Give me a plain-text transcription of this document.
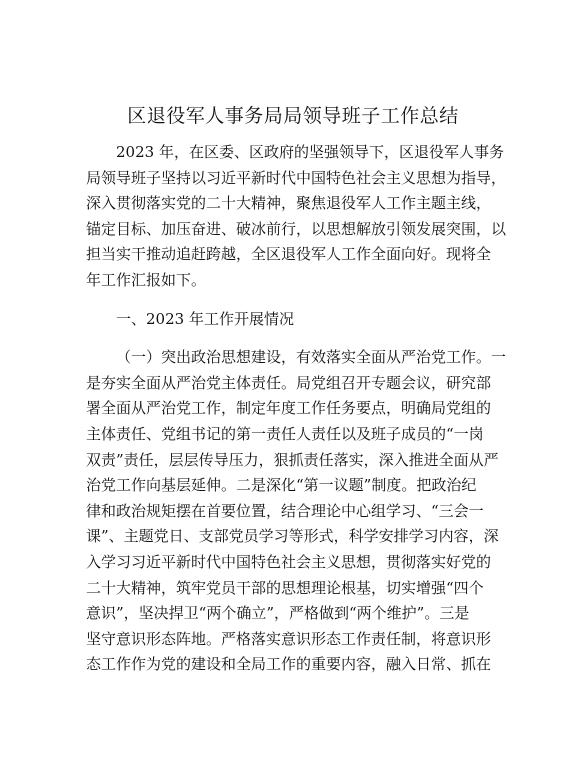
区退役军人事务局局领导班子工作总结
2023 年，在区委、区政府的坚强领导下，区退役军人事务
局领导班子坚持以习近平新时代中国特色社会主义思想为指导，
深入贯彻落实党的二十大精神，聚焦退役军人工作主题主线，
锚定目标、加压奋进、破冰前行，以思想解放引领发展突围，以
担当实干推动追赶跨越，全区退役军人工作全面向好。现将全
年工作汇报如下。
一、2023 年工作开展情况
（一）突出政治思想建设，有效落实全面从严治党工作。一
是夯实全面从严治党主体责任。局党组召开专题会议，研究部
署全面从严治党工作，制定年度工作任务要点，明确局党组的
主体责任、党组书记的第一责任人责任以及班子成员的“一岗
双责”责任，层层传导压力，狠抓责任落实，深入推进全面从严
治党工作向基层延伸。二是深化“第一议题”制度。把政治纪
律和政治规矩摆在首要位置，结合理论中心组学习、“三会一
课”、主题党日、支部党员学习等形式，科学安排学习内容，深
入学习习近平新时代中国特色社会主义思想，贯彻落实好党的
二十大精神，筑牢党员干部的思想理论根基，切实增强“四个
意识”，坚决捍卫“两个确立”，严格做到“两个维护”。三是
坚守意识形态阵地。严格落实意识形态工作责任制，将意识形
态工作作为党的建设和全局工作的重要内容，融入日常、抓在
